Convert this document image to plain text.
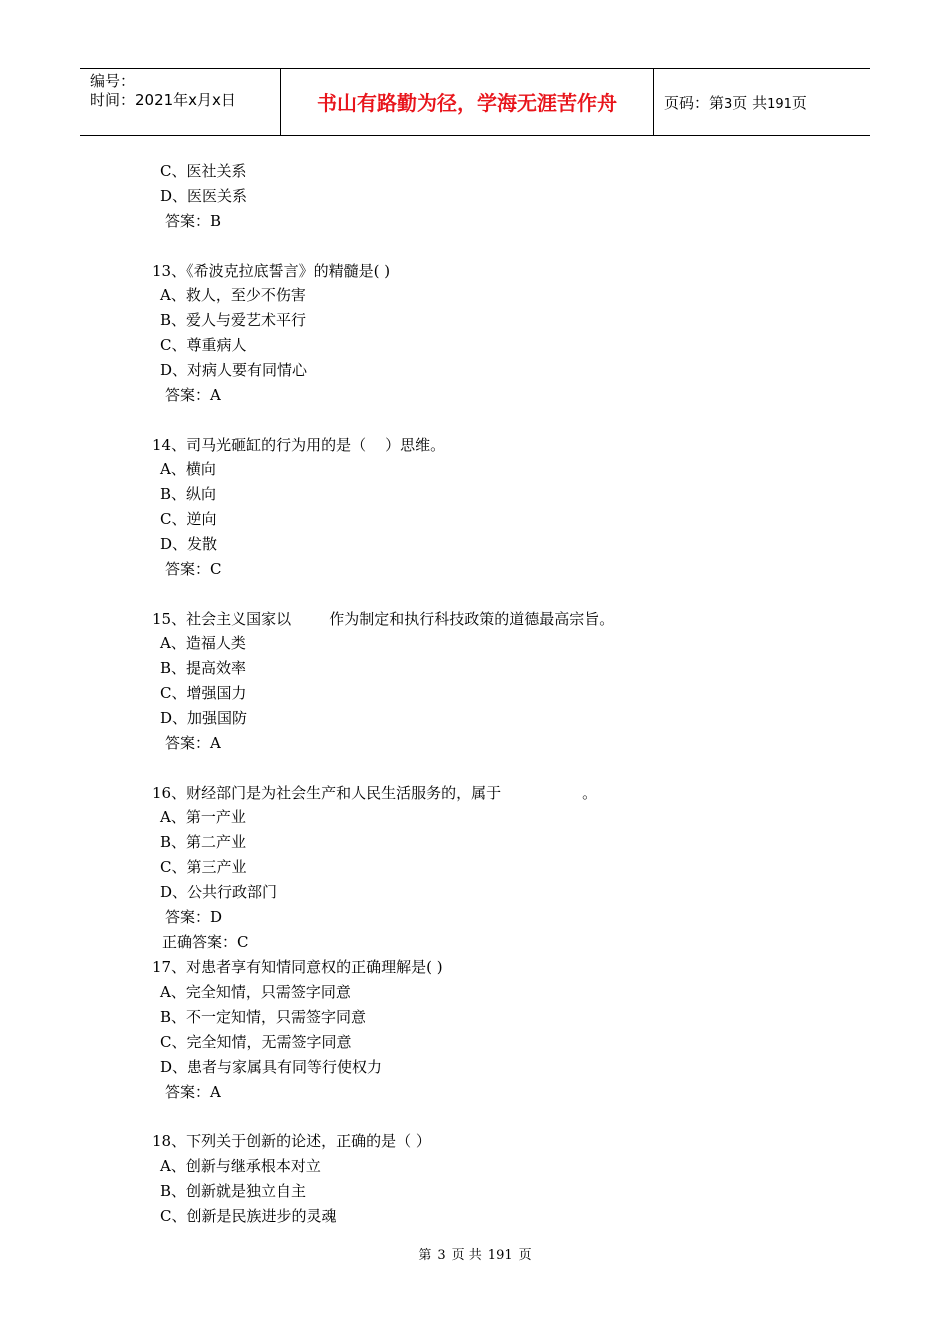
编号：
时间：2021年x月x日	书山有路勤为径，学海无涯苦作舟	页码：第3页 共191页
C、医社关系
D、医医关系
答案：B
13、《希波克拉底誓言》的精髓是( )
A、救人，至少不伤害
B、爱人与爱艺术平行
C、尊重病人
D、对病人要有同情心
答案：A
14、司马光砸缸的行为用的是（    ）思维。
A、横向
B、纵向
C、逆向
D、发散
答案：C
15、社会主义国家以        作为制定和执行科技政策的道德最高宗旨。
A、造福人类
B、提高效率
C、增强国力
D、加强国防
答案：A
16、财经部门是为社会生产和人民生活服务的，属于                 。
A、第一产业
B、第二产业
C、第三产业
D、公共行政部门
答案：D
正确答案：C
17、对患者享有知情同意权的正确理解是( )
A、完全知情，只需签字同意
B、不一定知情，只需签字同意
C、完全知情，无需签字同意
D、患者与家属具有同等行使权力
答案：A
18、下列关于创新的论述，正确的是（ ）
A、创新与继承根本对立
B、创新就是独立自主
C、创新是民族进步的灵魂
第 3 页 共 191 页
